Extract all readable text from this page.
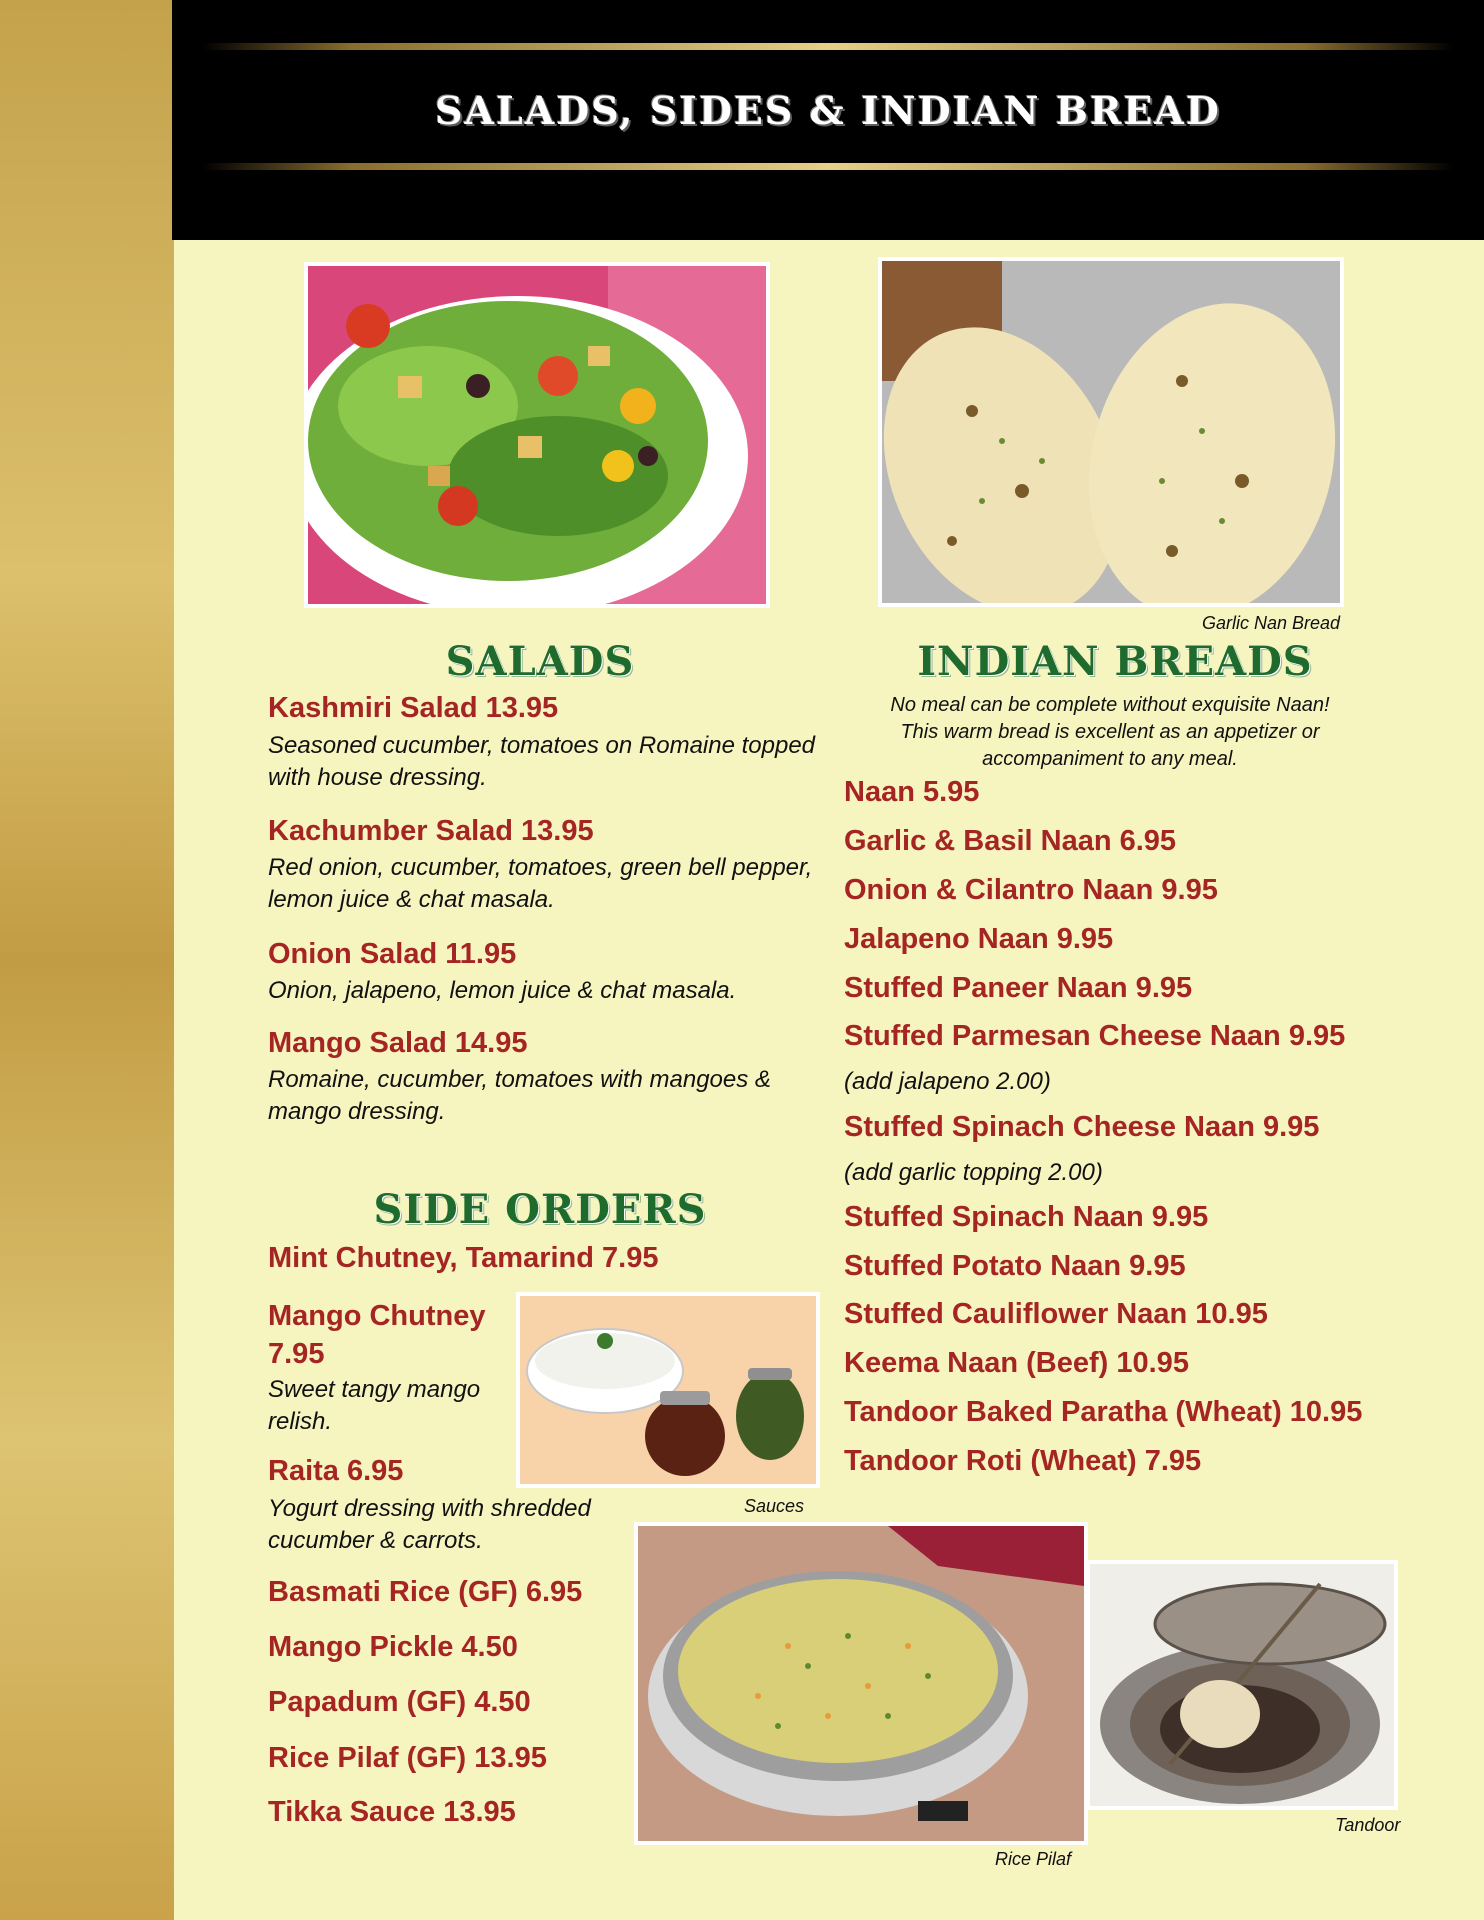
SALADS, SIDES & INDIAN BREAD
Garlic Nan Bread
SALADS
Kashmiri Salad 13.95
Seasoned cucumber, tomatoes on Romaine topped with house dressing.
Kachumber Salad 13.95
Red onion, cucumber, tomatoes, green bell pepper, lemon juice & chat masala.
Onion Salad 11.95
Onion, jalapeno, lemon juice & chat masala.
Mango Salad 14.95
Romaine, cucumber, tomatoes with mangoes & mango dressing.
SIDE ORDERS
Mint Chutney, Tamarind 7.95
Mango Chutney 7.95
Sweet tangy mango relish.
Raita 6.95
Yogurt dressing with shredded cucumber & carrots.
Basmati Rice (GF) 6.95
Mango Pickle 4.50
Papadum (GF) 4.50
Rice Pilaf (GF) 13.95
Tikka Sauce 13.95
Sauces
Rice Pilaf
Tandoor
INDIAN BREADS
No meal can be complete without exquisite Naan! This warm bread is excellent as an appetizer or accompaniment to any meal.
Naan 5.95
Garlic & Basil Naan 6.95
Onion & Cilantro Naan 9.95
Jalapeno Naan 9.95
Stuffed Paneer Naan 9.95
Stuffed Parmesan Cheese Naan 9.95
(add jalapeno 2.00)
Stuffed Spinach Cheese Naan 9.95
(add garlic topping 2.00)
Stuffed Spinach Naan 9.95
Stuffed Potato Naan 9.95
Stuffed Cauliflower Naan 10.95
Keema Naan (Beef) 10.95
Tandoor Baked Paratha (Wheat) 10.95
Tandoor Roti (Wheat) 7.95
